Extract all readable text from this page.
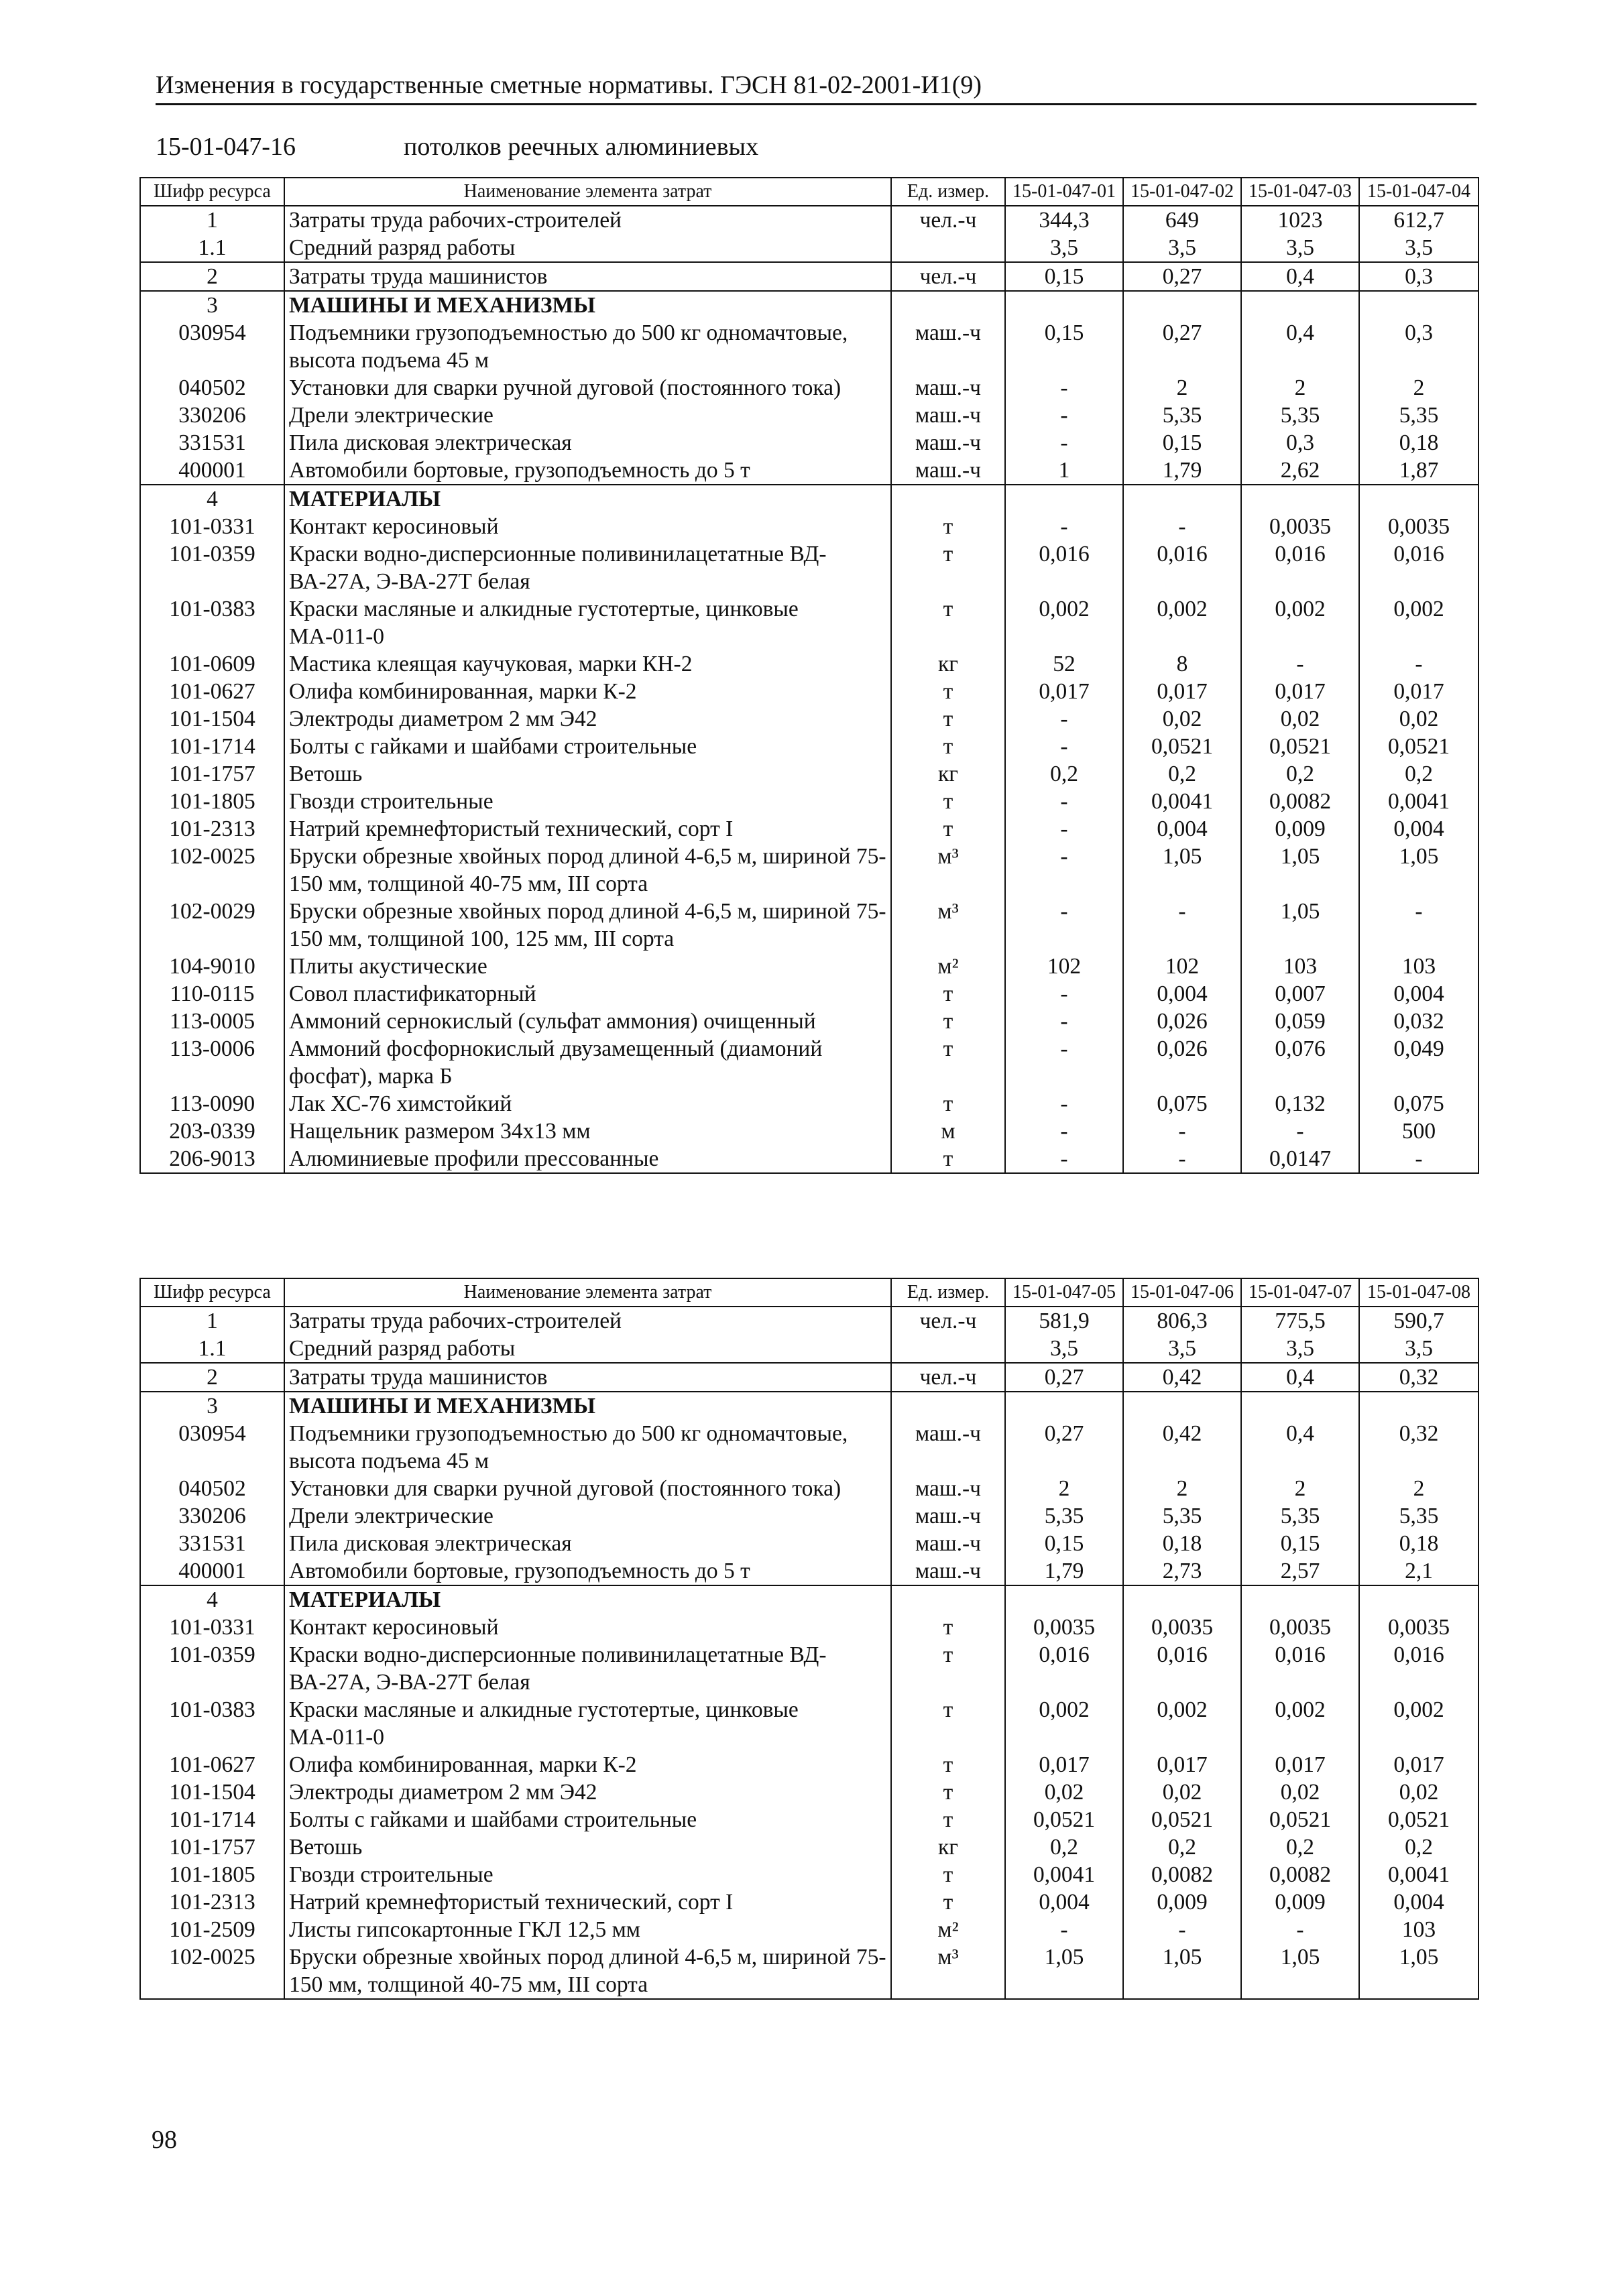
Изменения в государственные сметные нормативы. ГЭСН 81-02-2001-И1(9)
15-01-047-16	потолков реечных алюминиевых
Шифр ресурса	Наименование элемента затрат	Ед. измер.	15-01-047-01	15-01-047-02	15-01-047-03	15-01-047-04
1	Затраты труда рабочих-строителей	чел.-ч	344,3	649	1023	612,7
1.1	Средний разряд работы		3,5	3,5	3,5	3,5
2	Затраты труда машинистов	чел.-ч	0,15	0,27	0,4	0,3
3	МАШИНЫ И МЕХАНИЗМЫ					
030954	Подъемники грузоподъемностью до 500 кг одномачтовые, высота подъема 45 м	маш.-ч	0,15	0,27	0,4	0,3
040502	Установки для сварки ручной дуговой (постоянного тока)	маш.-ч	-	2	2	2
330206	Дрели электрические	маш.-ч	-	5,35	5,35	5,35
331531	Пила дисковая электрическая	маш.-ч	-	0,15	0,3	0,18
400001	Автомобили бортовые, грузоподъемность до 5 т	маш.-ч	1	1,79	2,62	1,87
4	МАТЕРИАЛЫ					
101-0331	Контакт керосиновый	т	-	-	0,0035	0,0035
101-0359	Краски водно-дисперсионные поливинилацетатные ВД-ВА-27А, Э-ВА-27Т белая	т	0,016	0,016	0,016	0,016
101-0383	Краски масляные и алкидные густотертые, цинковые МА-011-0	т	0,002	0,002	0,002	0,002
101-0609	Мастика клеящая каучуковая, марки КН-2	кг	52	8	-	-
101-0627	Олифа комбинированная, марки К-2	т	0,017	0,017	0,017	0,017
101-1504	Электроды диаметром 2 мм Э42	т	-	0,02	0,02	0,02
101-1714	Болты с гайками и шайбами строительные	т	-	0,0521	0,0521	0,0521
101-1757	Ветошь	кг	0,2	0,2	0,2	0,2
101-1805	Гвозди строительные	т	-	0,0041	0,0082	0,0041
101-2313	Натрий кремнефтористый технический, сорт I	т	-	0,004	0,009	0,004
102-0025	Бруски обрезные хвойных пород длиной 4-6,5 м, шириной 75-150 мм, толщиной 40-75 мм, III сорта	м³	-	1,05	1,05	1,05
102-0029	Бруски обрезные хвойных пород длиной 4-6,5 м, шириной 75-150 мм, толщиной 100, 125 мм, III сорта	м³	-	-	1,05	-
104-9010	Плиты акустические	м²	102	102	103	103
110-0115	Совол пластификаторный	т	-	0,004	0,007	0,004
113-0005	Аммоний сернокислый (сульфат аммония) очищенный	т	-	0,026	0,059	0,032
113-0006	Аммоний фосфорнокислый двузамещенный (диамоний фосфат), марка Б	т	-	0,026	0,076	0,049
113-0090	Лак ХС-76 химстойкий	т	-	0,075	0,132	0,075
203-0339	Нащельник размером 34х13 мм	м	-	-	-	500
206-9013	Алюминиевые профили прессованные	т	-	-	0,0147	-
Шифр ресурса	Наименование элемента затрат	Ед. измер.	15-01-047-05	15-01-047-06	15-01-047-07	15-01-047-08
1	Затраты труда рабочих-строителей	чел.-ч	581,9	806,3	775,5	590,7
1.1	Средний разряд работы		3,5	3,5	3,5	3,5
2	Затраты труда машинистов	чел.-ч	0,27	0,42	0,4	0,32
3	МАШИНЫ И МЕХАНИЗМЫ					
030954	Подъемники грузоподъемностью до 500 кг одномачтовые, высота подъема 45 м	маш.-ч	0,27	0,42	0,4	0,32
040502	Установки для сварки ручной дуговой (постоянного тока)	маш.-ч	2	2	2	2
330206	Дрели электрические	маш.-ч	5,35	5,35	5,35	5,35
331531	Пила дисковая электрическая	маш.-ч	0,15	0,18	0,15	0,18
400001	Автомобили бортовые, грузоподъемность до 5 т	маш.-ч	1,79	2,73	2,57	2,1
4	МАТЕРИАЛЫ					
101-0331	Контакт керосиновый	т	0,0035	0,0035	0,0035	0,0035
101-0359	Краски водно-дисперсионные поливинилацетатные ВД-ВА-27А, Э-ВА-27Т белая	т	0,016	0,016	0,016	0,016
101-0383	Краски масляные и алкидные густотертые, цинковые МА-011-0	т	0,002	0,002	0,002	0,002
101-0627	Олифа комбинированная, марки К-2	т	0,017	0,017	0,017	0,017
101-1504	Электроды диаметром 2 мм Э42	т	0,02	0,02	0,02	0,02
101-1714	Болты с гайками и шайбами строительные	т	0,0521	0,0521	0,0521	0,0521
101-1757	Ветошь	кг	0,2	0,2	0,2	0,2
101-1805	Гвозди строительные	т	0,0041	0,0082	0,0082	0,0041
101-2313	Натрий кремнефтористый технический, сорт I	т	0,004	0,009	0,009	0,004
101-2509	Листы гипсокартонные ГКЛ 12,5 мм	м²	-	-	-	103
102-0025	Бруски обрезные хвойных пород длиной 4-6,5 м, шириной 75-150 мм, толщиной 40-75 мм, III сорта	м³	1,05	1,05	1,05	1,05
98
